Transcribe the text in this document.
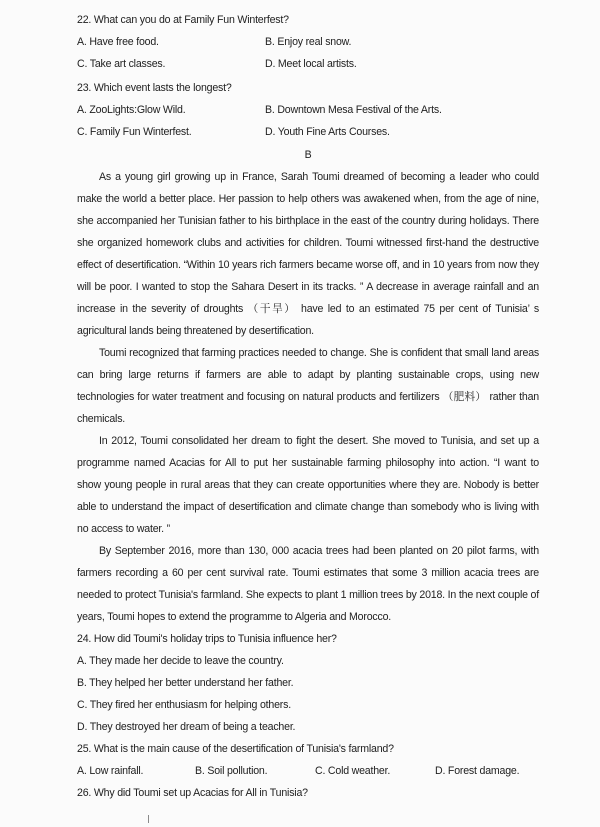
22. What can you do at Family Fun Winterfest?
A. Have free food.	B. Enjoy real snow.
C. Take art classes.	D. Meet local artists.
23. Which event lasts the longest?
A. ZooLights:Glow Wild.	B. Downtown Mesa Festival of the Arts.
C. Family Fun Winterfest.	D. Youth Fine Arts Courses.
B

As a young girl growing up in France, Sarah Toumi dreamed of becoming a leader who could make the world a better place. Her passion to help others was awakened when, from the age of nine, she accompanied her Tunisian father to his birthplace in the east of the country during holidays. There she organized homework clubs and activities for children. Toumi witnessed first-hand the destructive effect of desertification. “Within 10 years rich farmers became worse off, and in 10 years from now they will be poor. I wanted to stop the Sahara Desert in its tracks. ” A decrease in average rainfall and an increase in the severity of droughts （干旱） have led to an estimated 75 per cent of Tunisia’ s agricultural lands being threatened by desertification.

Toumi recognized that farming practices needed to change. She is confident that small land areas can bring large returns if farmers are able to adapt by planting sustainable crops, using new technologies for water treatment and focusing on natural products and fertilizers （肥料） rather than chemicals.

In 2012, Toumi consolidated her dream to fight the desert. She moved to Tunisia, and set up a programme named Acacias for All to put her sustainable farming philosophy into action. “I want to show young people in rural areas that they can create opportunities where they are. Nobody is better able to understand the impact of desertification and climate change than somebody who is living with no access to water. ”

By September 2016, more than 130, 000 acacia trees had been planted on 20 pilot farms, with farmers recording a 60 per cent survival rate. Toumi estimates that some 3 million acacia trees are needed to protect Tunisia's farmland. She expects to plant 1 million trees by 2018. In the next couple of years, Toumi hopes to extend the programme to Algeria and Morocco.

24. How did Toumi's holiday trips to Tunisia influence her?
A. They made her decide to leave the country.
B. They helped her better understand her father.
C. They fired her enthusiasm for helping others.
D. They destroyed her dream of being a teacher.
25. What is the main cause of the desertification of Tunisia's farmland?
A. Low rainfall.	B. Soil pollution.	C. Cold weather.	D. Forest damage.
26. Why did Toumi set up Acacias for All in Tunisia?
